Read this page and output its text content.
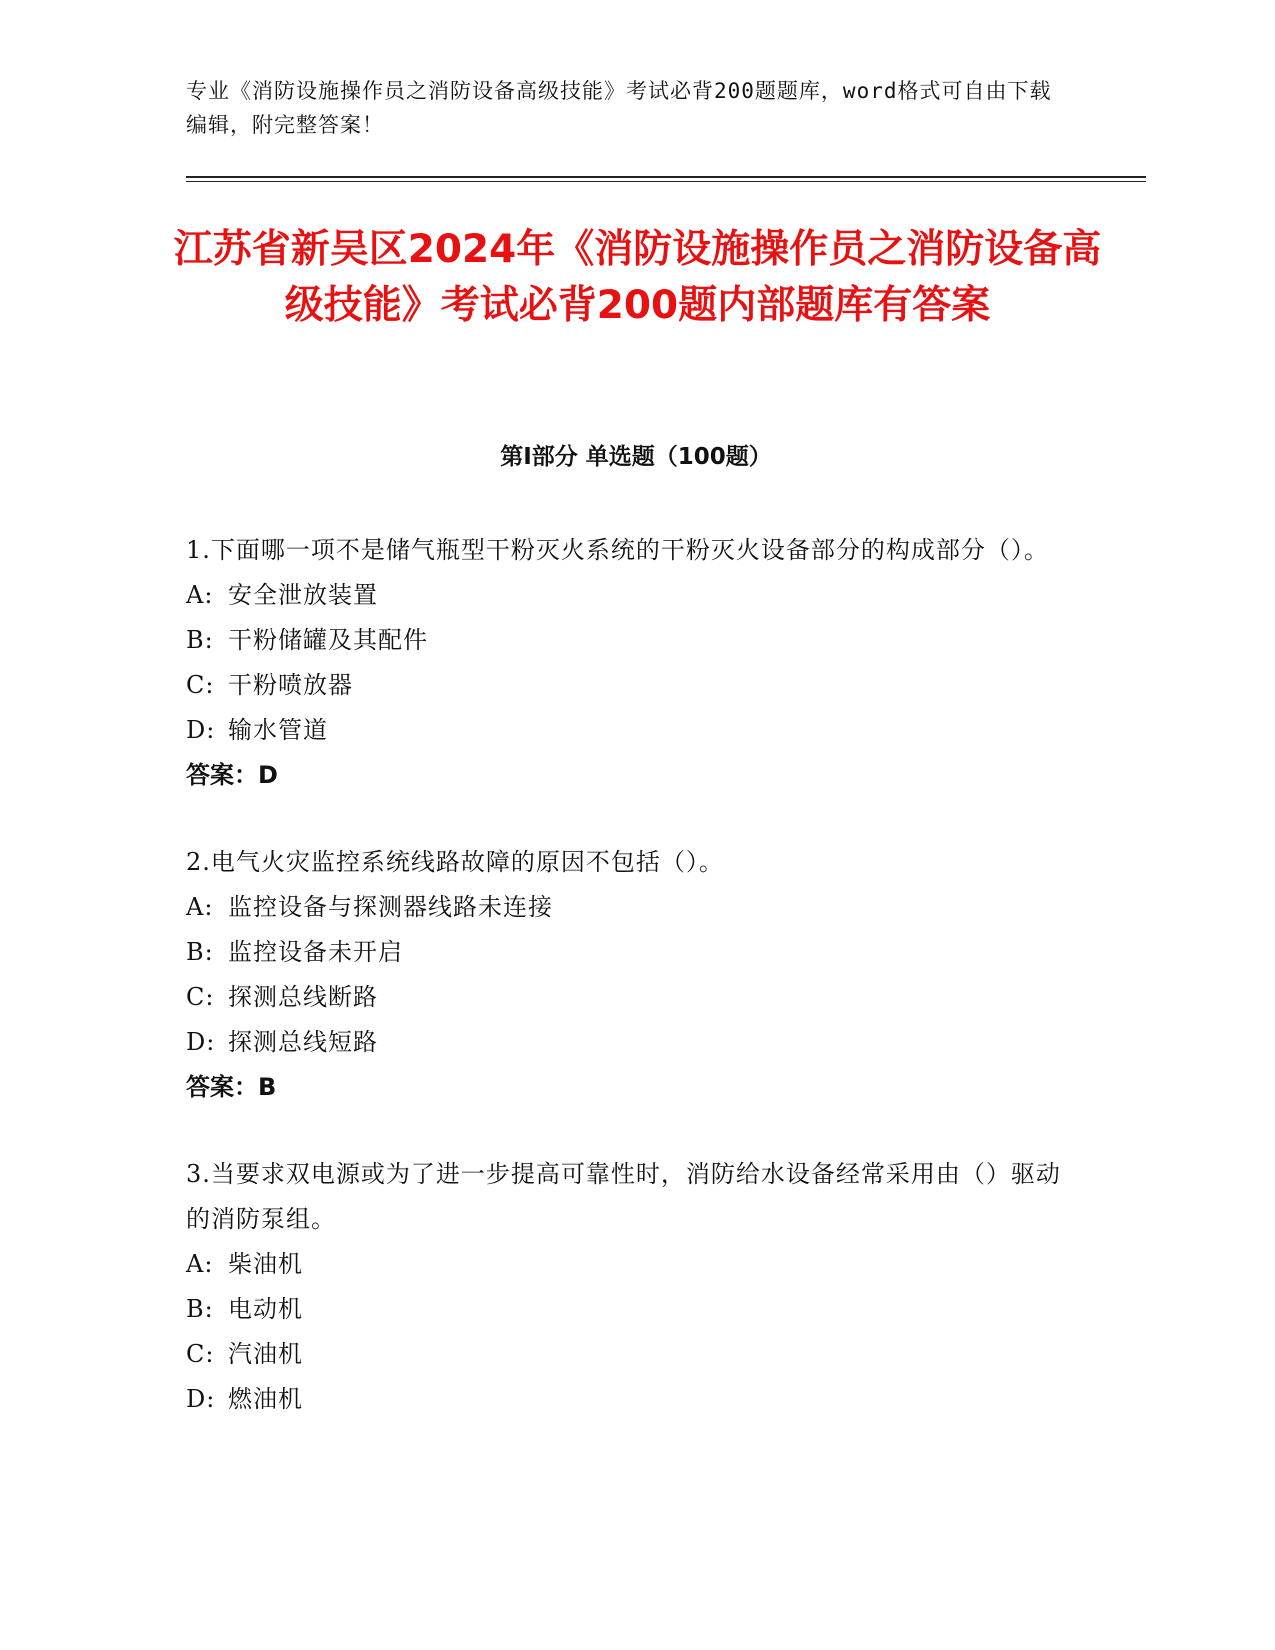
专业《消防设施操作员之消防设备高级技能》考试必背200题题库，word格式可自由下载编辑，附完整答案！
江苏省新吴区2024年《消防设施操作员之消防设备高级技能》考试必背200题内部题库有答案
第I部分 单选题（100题）

1.下面哪一项不是储气瓶型干粉灭火系统的干粉灭火设备部分的构成部分（）。

A: 安全泄放装置

B: 干粉储罐及其配件

C: 干粉喷放器

D: 输水管道

答案：D

2.电气火灾监控系统线路故障的原因不包括（）。

A: 监控设备与探测器线路未连接

B: 监控设备未开启

C: 探测总线断路

D: 探测总线短路

答案：B

3.当要求双电源或为了进一步提高可靠性时，消防给水设备经常采用由（）驱动的消防泵组。

A: 柴油机

B: 电动机

C: 汽油机

D: 燃油机
